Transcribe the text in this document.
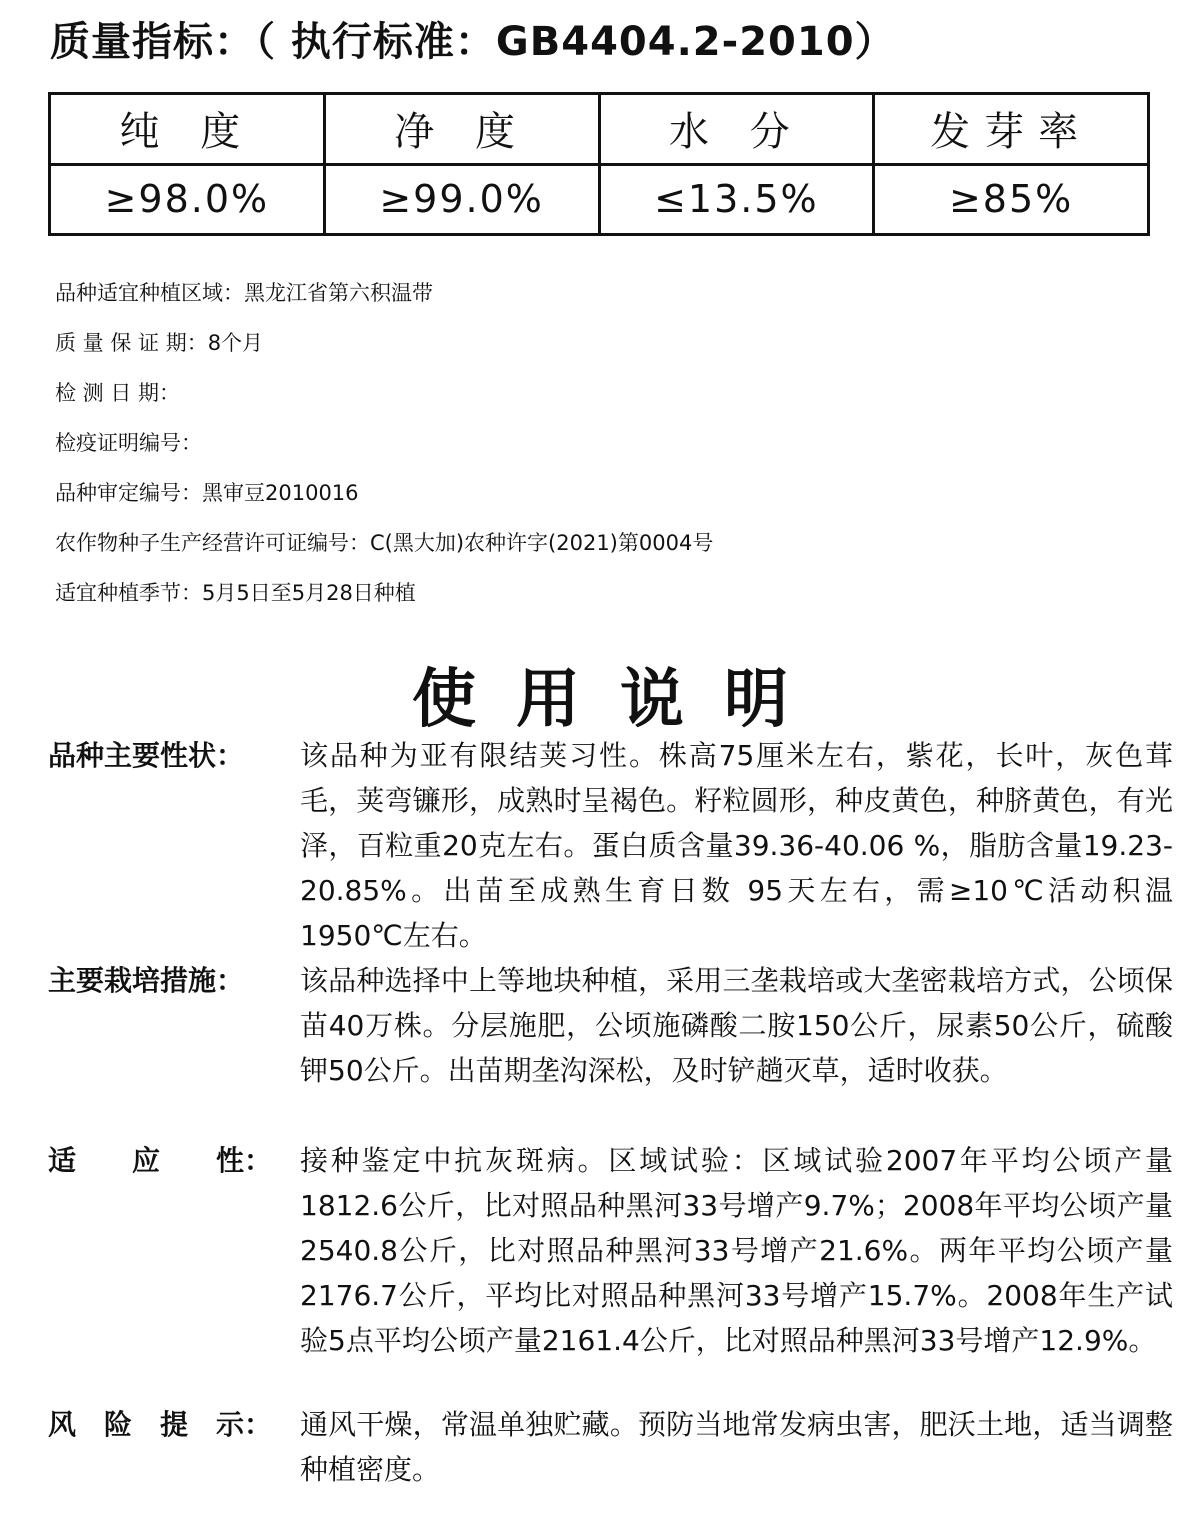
质量指标：（ 执行标准：GB4404.2-2010）
纯 度	净 度	水 分	发芽率
≥98.0%	≥99.0%	≤13.5%	≥85%
品种适宜种植区域：黑龙江省第六积温带
质 量 保 证 期：8个月
检 测 日 期：
检疫证明编号：
品种审定编号：黑审豆2010016
农作物种子生产经营许可证编号：C(黑大加)农种许字(2021)第0004号
适宜种植季节：5月5日至5月28日种植
使用说明
品种主要性状：	该品种为亚有限结荚习性。株高75厘米左右，紫花，长叶，灰色茸毛，荚弯镰形，成熟时呈褐色。籽粒圆形，种皮黄色，种脐黄色，有光泽，百粒重20克左右。蛋白质含量39.36-40.06 %，脂肪含量19.23-20.85%。出苗至成熟生育日数 95天左右，需≥10℃活动积温1950℃左右。
主要栽培措施：	该品种选择中上等地块种植，采用三垄栽培或大垄密栽培方式，公顷保苗40万株。分层施肥，公顷施磷酸二胺150公斤，尿素50公斤，硫酸钾50公斤。出苗期垄沟深松，及时铲趟灭草，适时收获。
适　　应　　性： 接种鉴定中抗灰斑病。区域试验：区域试验2007年平均公顷产量1812.6公斤，比对照品种黑河33号增产9.7%；2008年平均公顷产量2540.8公斤，比对照品种黑河33号增产21.6%。两年平均公顷产量2176.7公斤，平均比对照品种黑河33号增产15.7%。2008年生产试验5点平均公顷产量2161.4公斤，比对照品种黑河33号增产12.9%。
风　险　提　示： 通风干燥，常温单独贮藏。预防当地常发病虫害，肥沃土地，适当调整种植密度。
